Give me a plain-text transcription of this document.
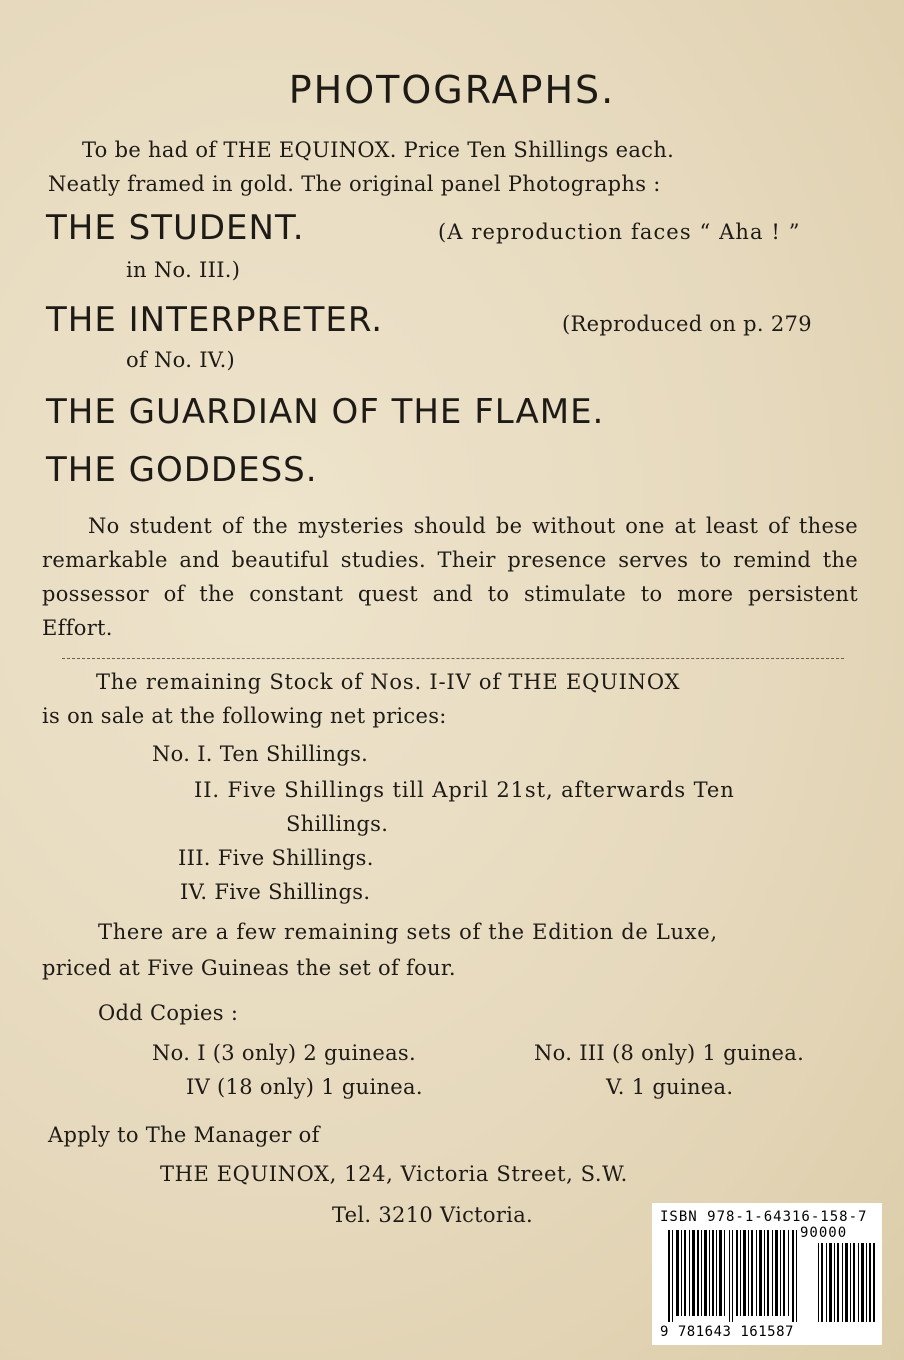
PHOTOGRAPHS.
To be had of THE EQUINOX. Price Ten Shillings each.
Neatly framed in gold. The original panel Photographs :
THE STUDENT.	(A reproduction faces “ Aha ! ”
in No. III.)
THE INTERPRETER.	(Reproduced on p. 279
of No. IV.)
THE GUARDIAN OF THE FLAME.
THE GODDESS.
No student of the mysteries should be without one at least of these remarkable and beautiful studies. Their presence serves to remind the possessor of the constant quest and to stimulate to more persistent Effort.
The remaining Stock of Nos. I-IV of THE EQUINOX
is on sale at the following net prices:
No. I. Ten Shillings.
II. Five Shillings till April 21st, afterwards Ten
Shillings.
III. Five Shillings.
IV. Five Shillings.
There are a few remaining sets of the Edition de Luxe,
priced at Five Guineas the set of four.
Odd Copies :
No. I (3 only) 2 guineas.	No. III (8 only) 1 guinea.
IV (18 only) 1 guinea.	V. 1 guinea.
Apply to The Manager of
THE EQUINOX, 124, Victoria Street, S.W.
Tel. 3210 Victoria.	ISBN 978-1-64316-158-7
90000
9 781643 161587
